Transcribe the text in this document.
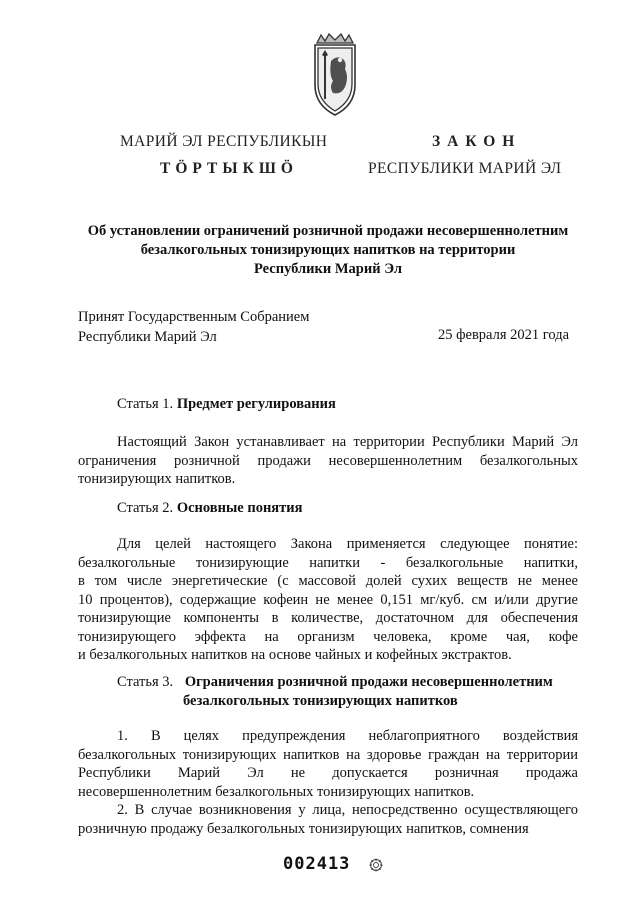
МАРИЙ ЭЛ РЕСПУБЛИКЫН
ТӦРТЫКШӦ
ЗАКОН
РЕСПУБЛИКИ МАРИЙ ЭЛ
Об установлении ограничений розничной продажи несовершеннолетним
безалкогольных тонизирующих напитков на территории
Республики Марий Эл
Принят Государственным Собранием
Республики Марий Эл	25 февраля 2021 года
Статья 1. Предмет регулирования
Настоящий Закон устанавливает на территории Республики Марий Эл
ограничения розничной продажи несовершеннолетним безалкогольных
тонизирующих напитков.
Статья 2. Основные понятия
Для целей настоящего Закона применяется следующее понятие:
безалкогольные тонизирующие напитки - безалкогольные напитки,
в том числе энергетические (с массовой долей сухих веществ не менее
10 процентов), содержащие кофеин не менее 0,151 мг/куб. см и/или другие
тонизирующие компоненты в количестве, достаточном для обеспечения
тонизирующего эффекта на организм человека, кроме чая, кофе
и безалкогольных напитков на основе чайных и кофейных экстрактов.
Статья 3. Ограничения розничной продажи несовершеннолетним
безалкогольных тонизирующих напитков
1. В целях предупреждения неблагоприятного воздействия
безалкогольных тонизирующих напитков на здоровье граждан на территории
Республики Марий Эл не допускается розничная продажа
несовершеннолетним безалкогольных тонизирующих напитков.
2. В случае возникновения у лица, непосредственно осуществляющего
розничную продажу безалкогольных тонизирующих напитков, сомнения
002413
